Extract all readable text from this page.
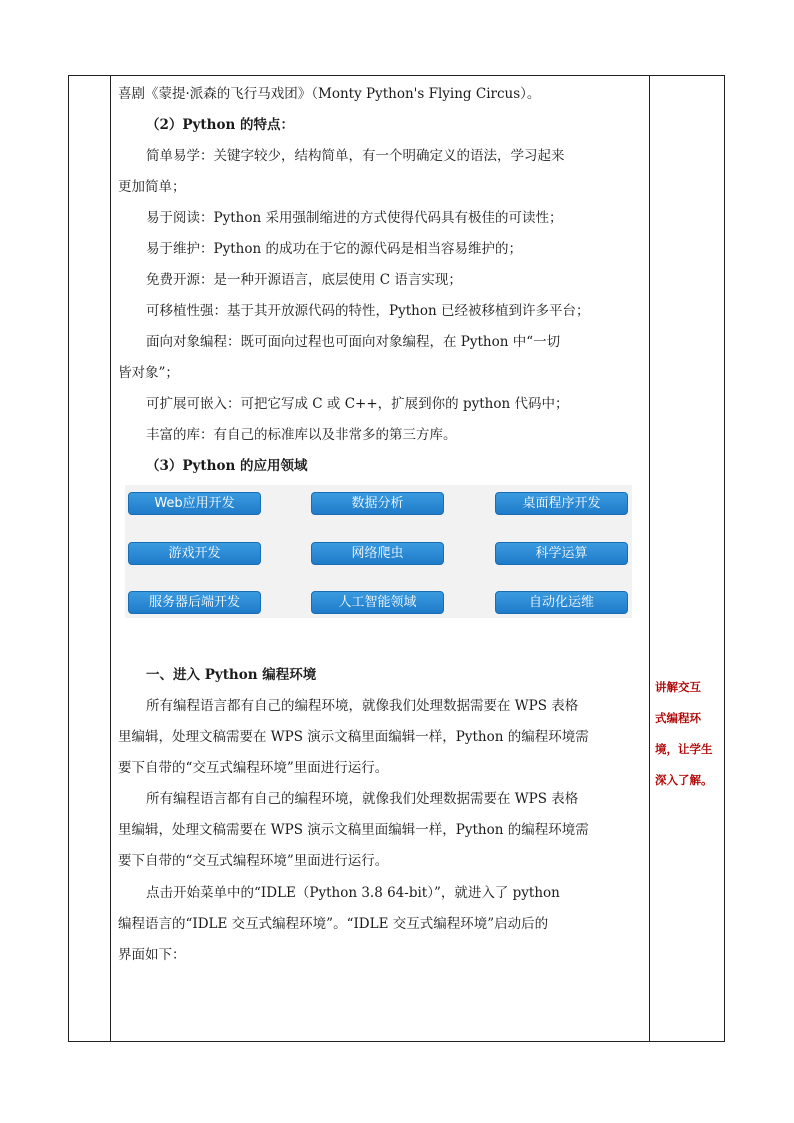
喜剧《蒙提·派森的飞行马戏团》（Monty Python's Flying Circus）。
（2）Python 的特点：
简单易学：关键字较少，结构简单，有一个明确定义的语法，学习起来
更加简单；
易于阅读：Python 采用强制缩进的方式使得代码具有极佳的可读性；
易于维护：Python 的成功在于它的源代码是相当容易维护的；
免费开源：是一种开源语言，底层使用 C 语言实现；
可移植性强：基于其开放源代码的特性，Python 已经被移植到许多平台；
面向对象编程：既可面向过程也可面向对象编程，在 Python 中“一切
皆对象”；
可扩展可嵌入：可把它写成 C 或 C++，扩展到你的 python 代码中；
丰富的库：有自己的标准库以及非常多的第三方库。
（3）Python 的应用领域
一、进入 Python 编程环境
所有编程语言都有自己的编程环境，就像我们处理数据需要在 WPS 表格
里编辑，处理文稿需要在 WPS 演示文稿里面编辑一样，Python 的编程环境需
要下自带的“交互式编程环境”里面进行运行。
所有编程语言都有自己的编程环境，就像我们处理数据需要在 WPS 表格
里编辑，处理文稿需要在 WPS 演示文稿里面编辑一样，Python 的编程环境需
要下自带的“交互式编程环境”里面进行运行。
点击开始菜单中的“IDLE（Python 3.8 64-bit）”，就进入了 python
编程语言的“IDLE 交互式编程环境”。“IDLE 交互式编程环境”启动后的
界面如下：
Web应用开发	数据分析	桌面程序开发
游戏开发	网络爬虫	科学运算
服务器后端开发	人工智能领域	自动化运维
讲解交互
式编程环
境，让学生
深入了解。
